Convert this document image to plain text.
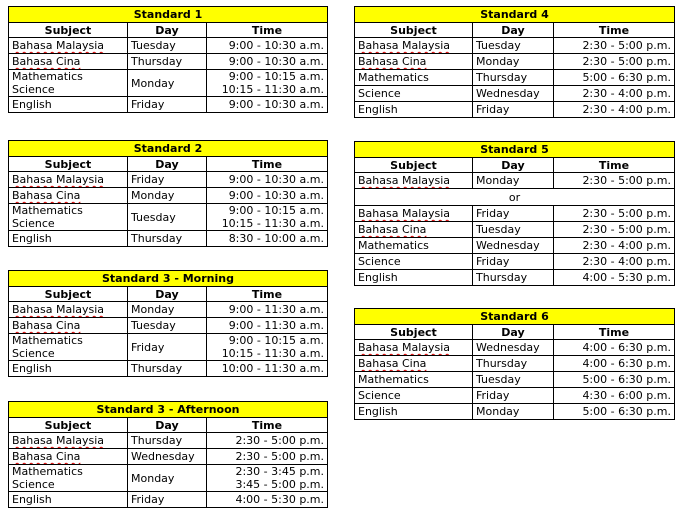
Standard 1		
Subject	Day	Time
Bahasa Malaysia	Tuesday	9:00 - 10:30 a.m.
Bahasa Cina	Thursday	9:00 - 10:30 a.m.

Mathematics
Science	Monday	9:00 - 10:15 a.m.
10:15 - 11:30 a.m.

English	Friday	9:00 - 10:30 a.m.
Standard 2		
Subject	Day	Time
Bahasa Malaysia	Friday	9:00 - 10:30 a.m.
Bahasa Cina	Monday	9:00 - 10:30 a.m.

Mathematics
Science	Tuesday	9:00 - 10:15 a.m.
10:15 - 11:30 a.m.

English	Thursday	8:30 - 10:00 a.m.
Standard 3 - Morning		
Subject	Day	Time
Bahasa Malaysia	Monday	9:00 - 11:30 a.m.
Bahasa Cina	Tuesday	9:00 - 11:30 a.m.

Mathematics
Science	Friday	9:00 - 10:15 a.m.
10:15 - 11:30 a.m.

English	Thursday	10:00 - 11:30 a.m.
Standard 3 - Afternoon		
Subject	Day	Time
Bahasa Malaysia	Thursday	2:30 - 5:00 p.m.
Bahasa Cina	Wednesday	2:30 - 5:00 p.m.

Mathematics
Science	Monday	2:30 - 3:45 p.m.
3:45 - 5:00 p.m.

English	Friday	4:00 - 5:30 p.m.
Standard 4		
Subject	Day	Time
Bahasa Malaysia	Tuesday	2:30 - 5:00 p.m.
Bahasa Cina	Monday	2:30 - 5:00 p.m.
Mathematics	Thursday	5:00 - 6:30 p.m.
Science	Wednesday	2:30 - 4:00 p.m.
English	Friday	2:30 - 4:00 p.m.
Standard 5		
Subject	Day	Time
Bahasa Malaysia	Monday	2:30 - 5:00 p.m.
or		
Bahasa Malaysia	Friday	2:30 - 5:00 p.m.
Bahasa Cina	Tuesday	2:30 - 5:00 p.m.
Mathematics	Wednesday	2:30 - 4:00 p.m.
Science	Friday	2:30 - 4:00 p.m.
English	Thursday	4:00 - 5:30 p.m.
Standard 6		
Subject	Day	Time
Bahasa Malaysia	Wednesday	4:00 - 6:30 p.m.
Bahasa Cina	Thursday	4:00 - 6:30 p.m.
Mathematics	Tuesday	5:00 - 6:30 p.m.
Science	Friday	4:30 - 6:00 p.m.
English	Monday	5:00 - 6:30 p.m.
